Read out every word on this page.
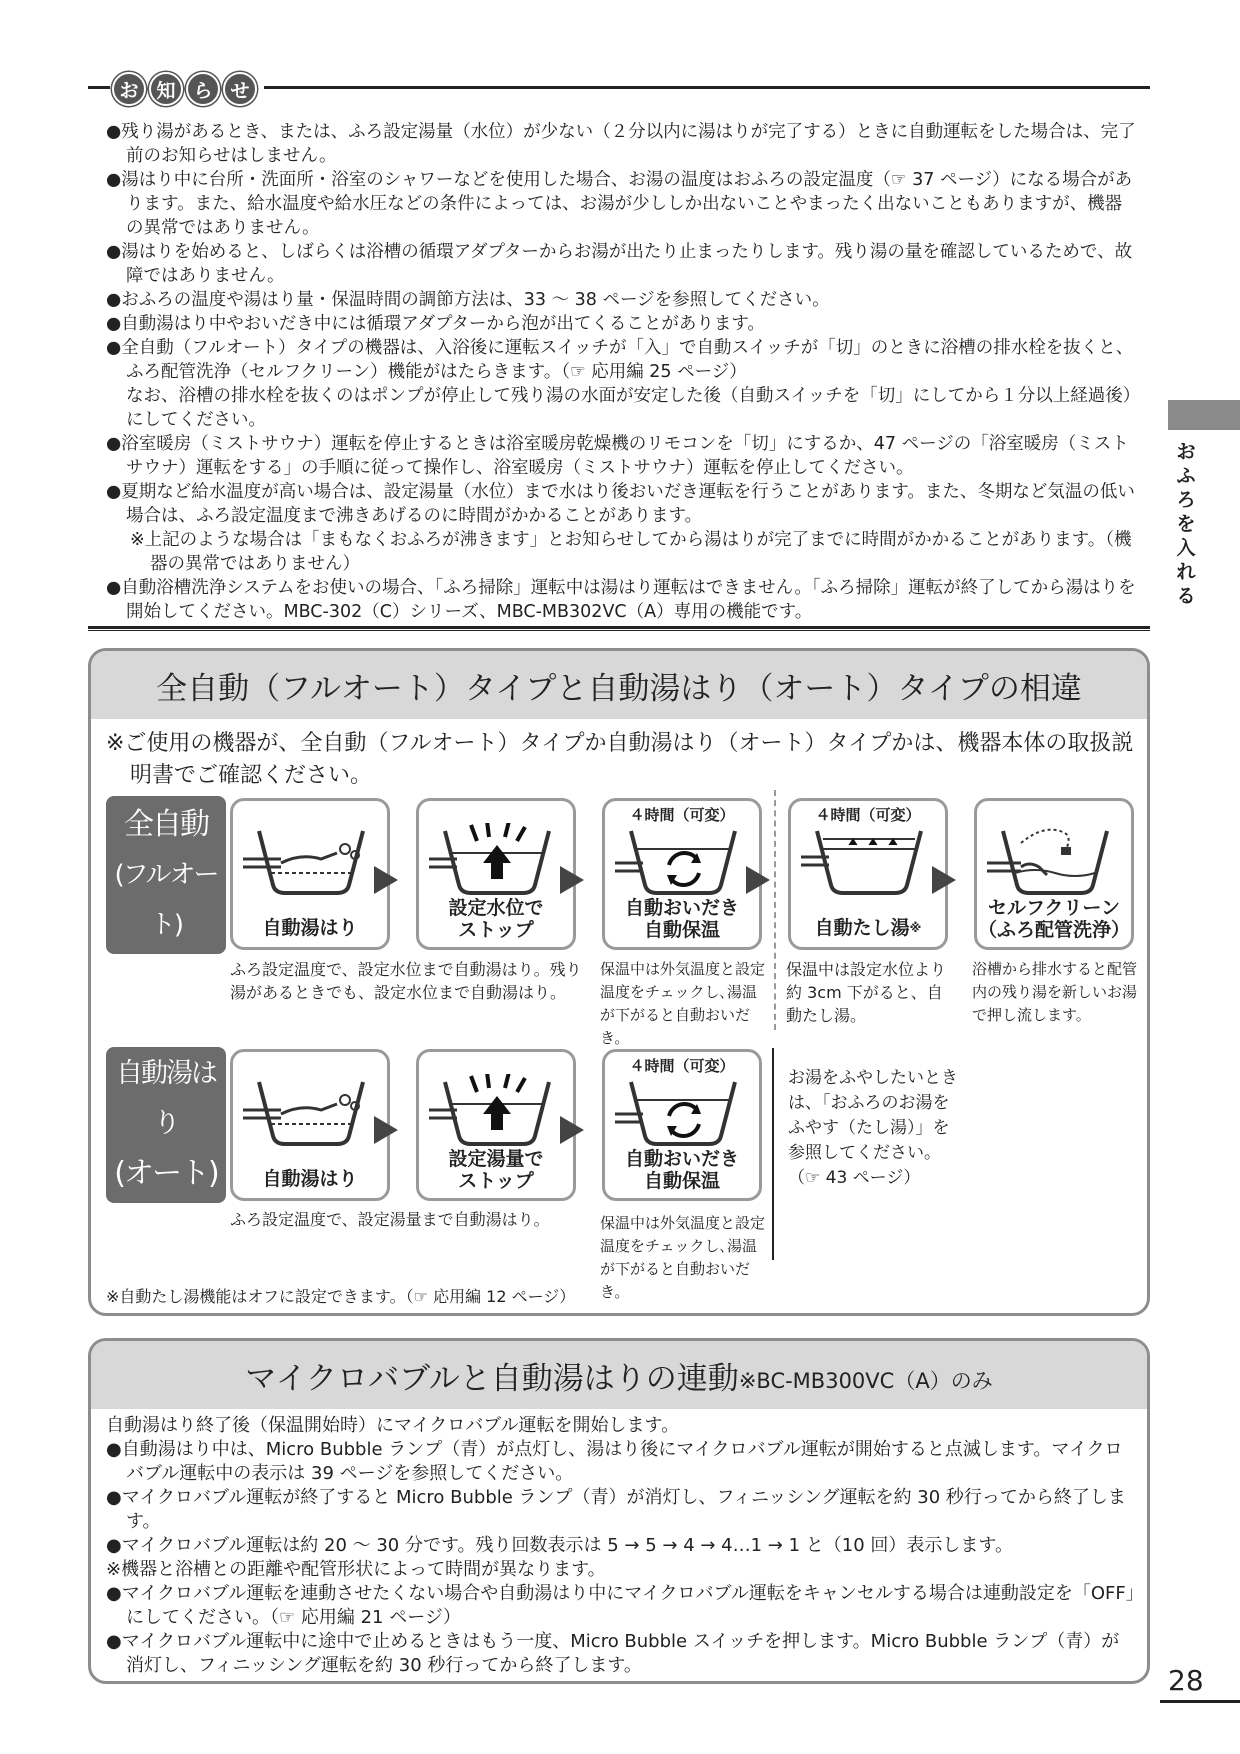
お 知 ら せ

●残り湯があるとき、または、ふろ設定湯量（水位）が少ない（２分以内に湯はりが完了する）ときに自動運転をした場合は、完了前のお知らせはしません。

●湯はり中に台所・洗面所・浴室のシャワーなどを使用した場合、お湯の温度はおふろの設定温度（☞ 37 ページ）になる場合があります。また、給水温度や給水圧などの条件によっては、お湯が少ししか出ないことやまったく出ないこともありますが、機器の異常ではありません。

●湯はりを始めると、しばらくは浴槽の循環アダプターからお湯が出たり止まったりします。残り湯の量を確認しているためで、故障ではありません。

●おふろの温度や湯はり量・保温時間の調節方法は、33 ～ 38 ページを参照してください。

●自動湯はり中やおいだき中には循環アダプターから泡が出てくることがあります。

●全自動（フルオート）タイプの機器は、入浴後に運転スイッチが「入」で自動スイッチが「切」のときに浴槽の排水栓を抜くと、ふろ配管洗浄（セルフクリーン）機能がはたらきます。（☞ 応用編 25 ページ）

なお、浴槽の排水栓を抜くのはポンプが停止して残り湯の水面が安定した後（自動スイッチを「切」にしてから１分以上経過後）にしてください。

●浴室暖房（ミストサウナ）運転を停止するときは浴室暖房乾燥機のリモコンを「切」にするか、47 ページの「浴室暖房（ミストサウナ）運転をする」の手順に従って操作し、浴室暖房（ミストサウナ）運転を停止してください。

●夏期など給水温度が高い場合は、設定湯量（水位）まで水はり後おいだき運転を行うことがあります。また、冬期など気温の低い場合は、ふろ設定温度まで沸きあげるのに時間がかかることがあります。

※上記のような場合は「まもなくおふろが沸きます」とお知らせしてから湯はりが完了までに時間がかかることがあります。（機器の異常ではありません）

●自動浴槽洗浄システムをお使いの場合、「ふろ掃除」運転中は湯はり運転はできません。「ふろ掃除」運転が終了してから湯はりを開始してください。MBC-302（C）シリーズ、MBC-MB302VC（A）専用の機能です。

おふろを入れる
全自動（フルオート）タイプと自動湯はり（オート）タイプの相違

※ご使用の機器が、全自動（フルオート）タイプか自動湯はり（オート）タイプかは、機器本体の取扱説明書でご確認ください。

全自動
(フルオート)
タイプ
自動湯はり
設定水位で
ストップ
４時間（可変）
自動おいだき
自動保温
４時間（可変）
自動たし湯※
セルフクリーン
（ふろ配管洗浄）
ふろ設定温度で、設定水位まで自動湯はり。残り湯があるときでも、設定水位まで自動湯はり。
保温中は外気温度と設定温度をチェックし､湯温が下がると自動おいだき。
保温中は設定水位より約 3cm 下がると、自動たし湯。
浴槽から排水すると配管内の残り湯を新しいお湯で押し流します。
自動湯はり
(オート)
タイプ
自動湯はり
設定湯量で
ストップ
４時間（可変）
自動おいだき
自動保温
お湯をふやしたいとき
は、「おふろのお湯を
ふやす（たし湯）」を
参照してください。
（☞ 43 ページ）
ふろ設定温度で、設定湯量まで自動湯はり。	保温中は外気温度と設定温度をチェックし､湯温が下がると自動おいだき。
※自動たし湯機能はオフに設定できます。（☞ 応用編 12 ページ）
マイクロバブルと自動湯はりの連動 ※BC-MB300VC（A）のみ

自動湯はり終了後（保温開始時）にマイクロバブル運転を開始します。

●自動湯はり中は、Micro Bubble ランプ（青）が点灯し、湯はり後にマイクロバブル運転が開始すると点滅します。マイクロバブル運転中の表示は 39 ページを参照してください。

●マイクロバブル運転が終了すると Micro Bubble ランプ（青）が消灯し、フィニッシング運転を約 30 秒行ってから終了します。

●マイクロバブル運転は約 20 ～ 30 分です。残り回数表示は 5 → 5 → 4 → 4…1 → 1 と（10 回）表示します。

※機器と浴槽との距離や配管形状によって時間が異なります。

●マイクロバブル運転を連動させたくない場合や自動湯はり中にマイクロバブル運転をキャンセルする場合は連動設定を「OFF」にしてください。（☞ 応用編 21 ページ）

●マイクロバブル運転中に途中で止めるときはもう一度、Micro Bubble スイッチを押します。Micro Bubble ランプ（青）が消灯し、フィニッシング運転を約 30 秒行ってから終了します。	28
